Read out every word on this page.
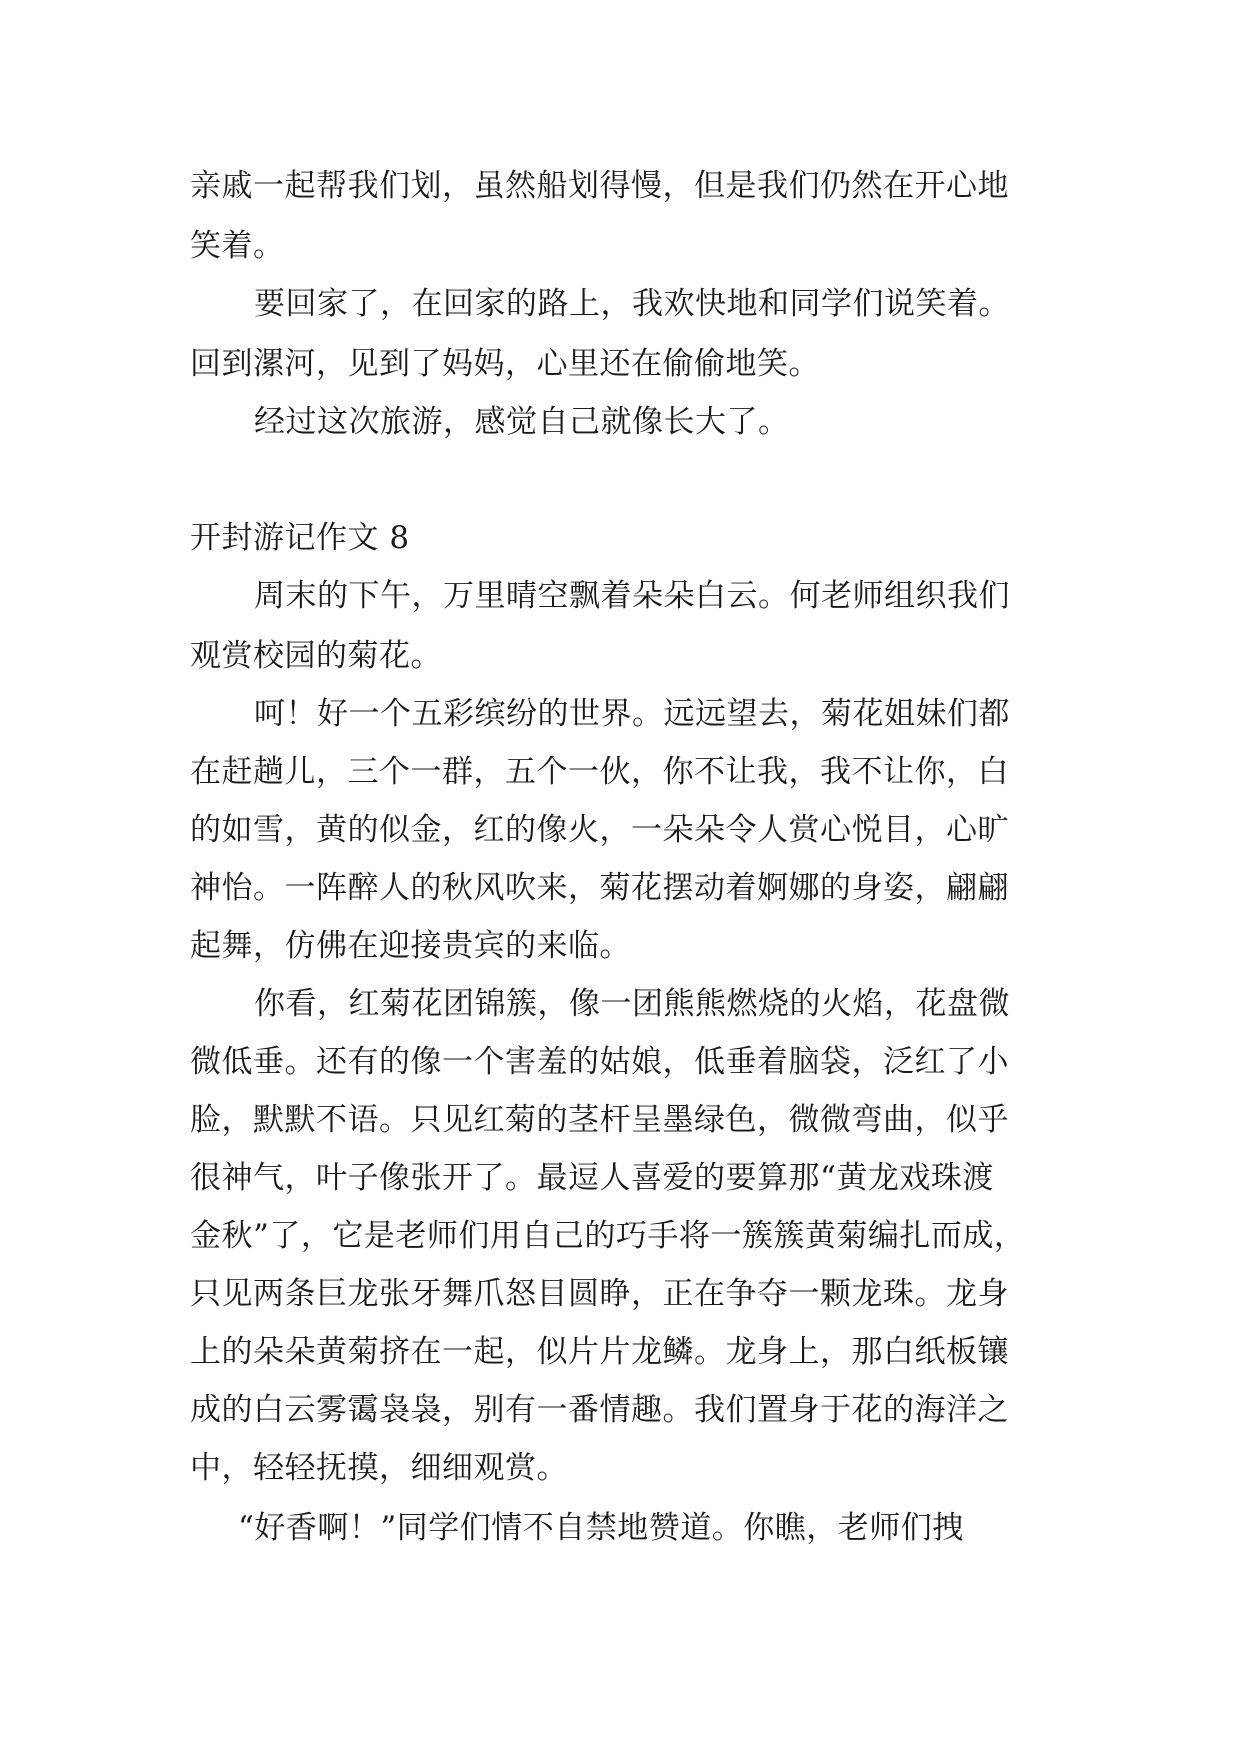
亲戚一起帮我们划，虽然船划得慢，但是我们仍然在开心地
笑着。
要回家了，在回家的路上，我欢快地和同学们说笑着。
回到漯河，见到了妈妈，心里还在偷偷地笑。
经过这次旅游，感觉自己就像长大了。
开封游记作文 8
周末的下午，万里晴空飘着朵朵白云。何老师组织我们
观赏校园的菊花。
呵！好一个五彩缤纷的世界。远远望去，菊花姐妹们都
在赶趟儿，三个一群，五个一伙，你不让我，我不让你，白
的如雪，黄的似金，红的像火，一朵朵令人赏心悦目，心旷
神怡。一阵醉人的秋风吹来，菊花摆动着婀娜的身姿，翩翩
起舞，仿佛在迎接贵宾的来临。
你看，红菊花团锦簇，像一团熊熊燃烧的火焰，花盘微
微低垂。还有的像一个害羞的姑娘，低垂着脑袋，泛红了小
脸，默默不语。只见红菊的茎杆呈墨绿色，微微弯曲，似乎
很神气，叶子像张开了。最逗人喜爱的要算那“黄龙戏珠渡
金秋”了，它是老师们用自己的巧手将一簇簇黄菊编扎而成，
只见两条巨龙张牙舞爪怒目圆睁，正在争夺一颗龙珠。龙身
上的朵朵黄菊挤在一起，似片片龙鳞。龙身上，那白纸板镶
成的白云雾霭袅袅，别有一番情趣。我们置身于花的海洋之
中，轻轻抚摸，细细观赏。
“好香啊！”同学们情不自禁地赞道。你瞧，老师们拽
